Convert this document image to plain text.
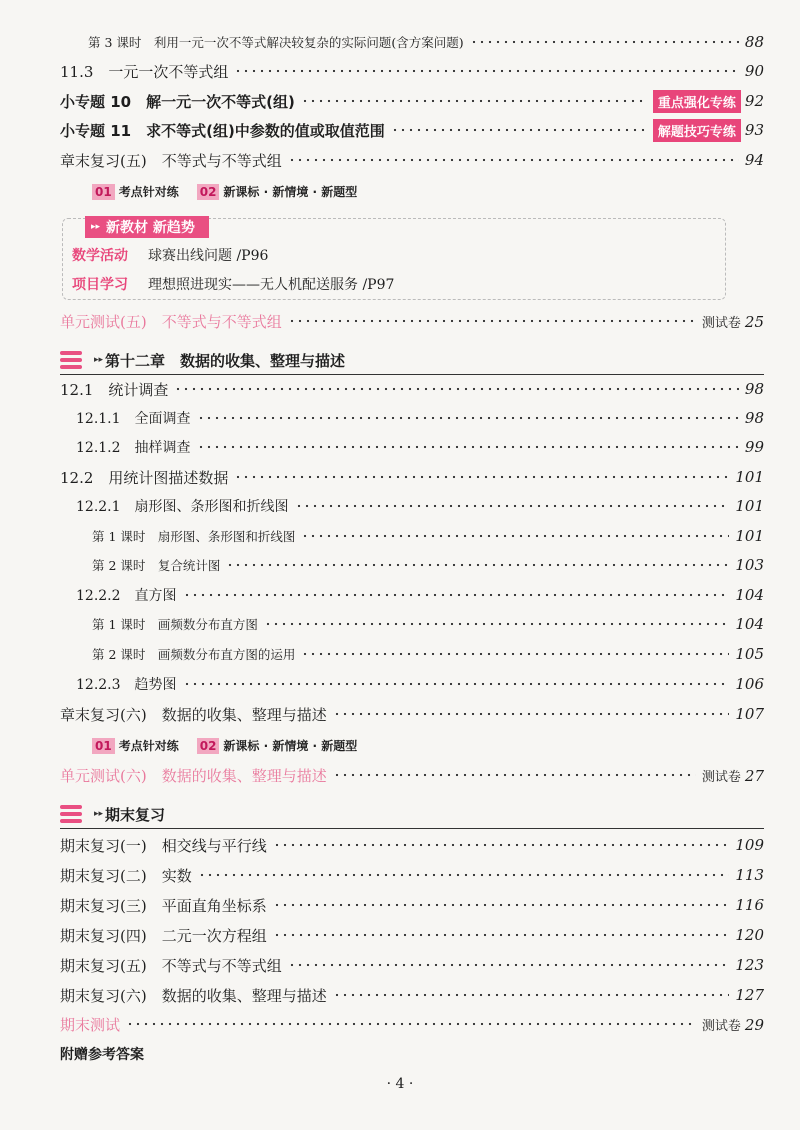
第 3 课时　利用一元一次不等式解决较复杂的实际问题(含方案问题)	88
11.3　一元一次不等式组	90
小专题 10　解一元一次不等式(组)	重点强化专练 92
小专题 11　求不等式(组)中参数的值或取值范围	解题技巧专练 93
章末复习(五)　不等式与不等式组	94
01 考点针对练 02 新课标 · 新情境 · 新题型
▸▸ 新教材 新趋势
数学活动 球赛出线问题 /P96
项目学习 理想照进现实——无人机配送服务 /P97
单元测试(五)　不等式与不等式组	测试卷 25
▸▸ 第十二章　数据的收集、整理与描述
12.1　统计调查	98
12.1.1　全面调查	98
12.1.2　抽样调查	99
12.2　用统计图描述数据	101
12.2.1　扇形图、条形图和折线图	101
第 1 课时　扇形图、条形图和折线图	101
第 2 课时　复合统计图	103
12.2.2　直方图	104
第 1 课时　画频数分布直方图	104
第 2 课时　画频数分布直方图的运用	105
12.2.3　趋势图	106
章末复习(六)　数据的收集、整理与描述	107
01 考点针对练 02 新课标 · 新情境 · 新题型
单元测试(六)　数据的收集、整理与描述	测试卷 27
▸▸ 期末复习
期末复习(一)　相交线与平行线	109
期末复习(二)　实数	113
期末复习(三)　平面直角坐标系	116
期末复习(四)　二元一次方程组	120
期末复习(五)　不等式与不等式组	123
期末复习(六)　数据的收集、整理与描述	127
期末测试	测试卷 29
附赠参考答案
· 4 ·
